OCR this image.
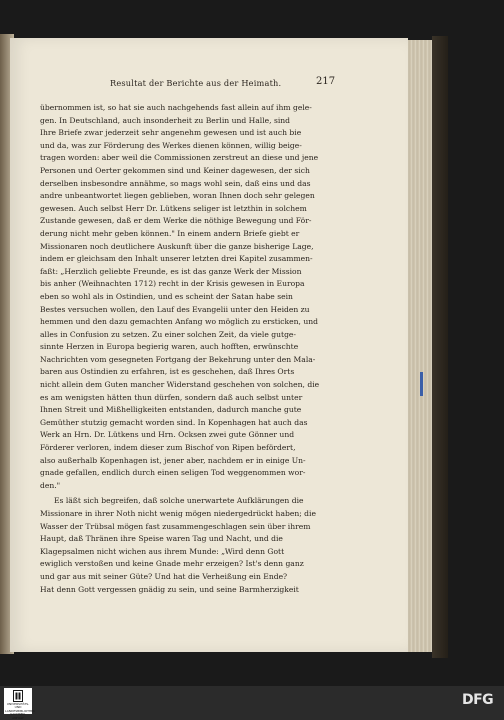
Resultat der Berichte aus der Heimath.	217
übernommen ist, so hat sie auch nachgehends fast allein auf ihm gele-
gen. In Deutschland, auch insonderheit zu Berlin und Halle, sind
Ihre Briefe zwar jederzeit sehr angenehm gewesen und ist auch bie
und da, was zur Förderung des Werkes dienen können, willig beige-
tragen worden: aber weil die Commissionen zerstreut an diese und jene
Personen und Oerter gekommen sind und Keiner dagewesen, der sich
derselben insbesondre annähme, so mags wohl sein, daß eins und das
andre unbeantwortet liegen geblieben, woran Ihnen doch sehr gelegen
gewesen. Auch selbst Herr Dr. Lütkens seliger ist letzthin in solchem
Zustande gewesen, daß er dem Werke die nöthige Bewegung und För-
derung nicht mehr geben können." In einem andern Briefe giebt er
Missionaren noch deutlichere Auskunft über die ganze bisherige Lage,
indem er gleichsam den Inhalt unserer letzten drei Kapitel zusammen-
faßt: „Herzlich geliebte Freunde, es ist das ganze Werk der Mission
bis anher (Weihnachten 1712) recht in der Krisis gewesen in Europa
eben so wohl als in Ostindien, und es scheint der Satan habe sein
Bestes versuchen wollen, den Lauf des Evangelii unter den Heiden zu
hemmen und den dazu gemachten Anfang wo möglich zu ersticken, und
alles in Confusion zu setzen. Zu einer solchen Zeit, da viele gutge-
sinnte Herzen in Europa begierig waren, auch hofften, erwünschte
Nachrichten vom gesegneten Fortgang der Bekehrung unter den Mala-
baren aus Ostindien zu erfahren, ist es geschehen, daß Ihres Orts
nicht allein dem Guten mancher Widerstand geschehen von solchen, die
es am wenigsten hätten thun dürfen, sondern daß auch selbst unter
Ihnen Streit und Mißhelligkeiten entstanden, dadurch manche gute
Gemüther stutzig gemacht worden sind. In Kopenhagen hat auch das
Werk an Hrn. Dr. Lütkens und Hrn. Ocksen zwei gute Gönner und
Förderer verloren, indem dieser zum Bischof von Ripen befördert,
also außerhalb Kopenhagen ist, jener aber, nachdem er in einige Un-
gnade gefallen, endlich durch einen seligen Tod weggenommen wor-
den."
Es läßt sich begreifen, daß solche unerwartete Aufklärungen die
Missionare in ihrer Noth nicht wenig mögen niedergedrückt haben; die
Wasser der Trübsal mögen fast zusammengeschlagen sein über ihrem
Haupt, daß Thränen ihre Speise waren Tag und Nacht, und die
Klagepsalmen nicht wichen aus ihrem Munde: „Wird denn Gott
ewiglich verstoßen und keine Gnade mehr erzeigen? Ist's denn ganz
und gar aus mit seiner Güte? Und hat die Verheißung ein Ende?
Hat denn Gott vergessen gnädig zu sein, und seine Barmherzigkeit
UNIVERSITÄTS- UND LANDESBIBLIOTHEK SACHSEN-ANHALT
DFG
